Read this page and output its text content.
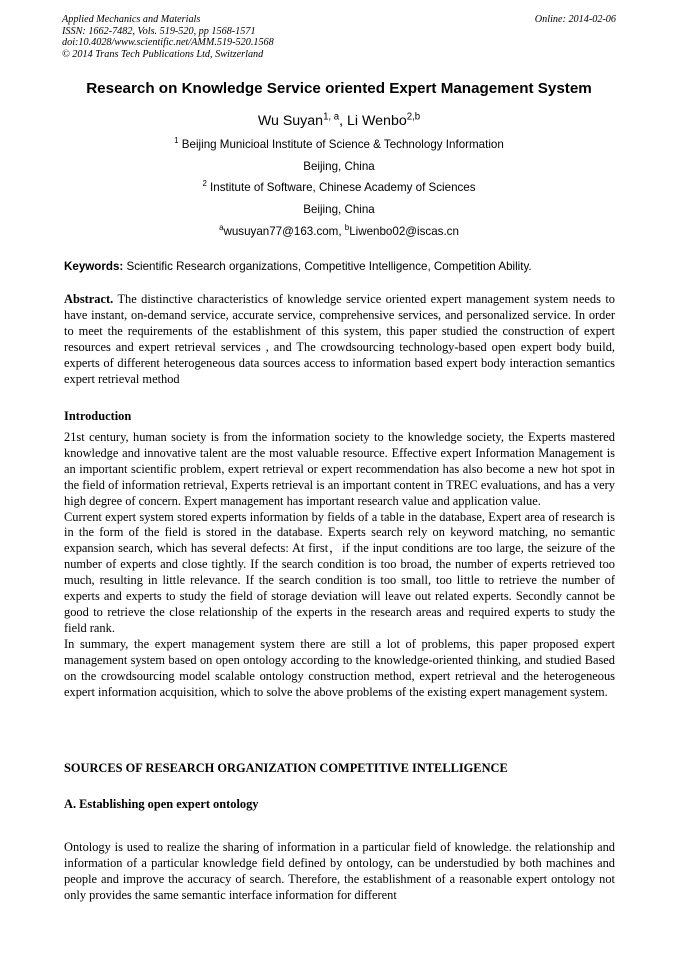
Applied Mechanics and Materials
ISSN: 1662-7482, Vols. 519-520, pp 1568-1571
doi:10.4028/www.scientific.net/AMM.519-520.1568
© 2014 Trans Tech Publications Ltd, Switzerland
Online: 2014-02-06
Research on Knowledge Service oriented Expert Management System
Wu Suyan$^{1, a}$, Li Wenbo$^{2,b}$
$^1$ Beijing Municioal Institute of Science & Technology Information
Beijing, China
$^2$ Institute of Software, Chinese Academy of Sciences
Beijing, China
$^a$wusuyan77@163.com, $^b$Liwenbo02@iscas.cn
Keywords: Scientific Research organizations, Competitive Intelligence, Competition Ability.

Abstract. The distinctive characteristics of knowledge service oriented expert management system needs to have instant, on-demand service, accurate service, comprehensive services, and personalized service. In order to meet the requirements of the establishment of this system, this paper studied the construction of expert resources and expert retrieval services , and The crowdsourcing technology-based open expert body build, experts of different heterogeneous data sources access to information based expert body interaction semantics expert retrieval method

Introduction

21st century, human society is from the information society to the knowledge society, the Experts mastered knowledge and innovative talent are the most valuable resource. Effective expert Information Management is an important scientific problem, expert retrieval or expert recommendation has also become a new hot spot in the field of information retrieval, Experts retrieval is an important content in TREC evaluations, and has a very high degree of concern. Expert management has important research value and application value.

Current expert system stored experts information by fields of a table in the database, Expert area of research is in the form of the field is stored in the database. Experts search rely on keyword matching, no semantic expansion search, which has several defects: At first，if the input conditions are too large, the seizure of the number of experts and close tightly. If the search condition is too broad, the number of experts retrieved too much, resulting in little relevance. If the search condition is too small, too little to retrieve the number of experts and experts to study the field of storage deviation will leave out related experts. Secondly cannot be good to retrieve the close relationship of the experts in the research areas and required experts to study the field rank.

In summary, the expert management system there are still a lot of problems, this paper proposed expert management system based on open ontology according to the knowledge-oriented thinking, and studied Based on the crowdsourcing model scalable ontology construction method, expert retrieval and the heterogeneous expert information acquisition, which to solve the above problems of the existing expert management system.

SOURCES OF RESEARCH ORGANIZATION COMPETITIVE INTELLIGENCE
A. Establishing open expert ontology

Ontology is used to realize the sharing of information in a particular field of knowledge. the relationship and information of a particular knowledge field defined by ontology, can be understudied by both machines and people and improve the accuracy of search. Therefore, the establishment of a reasonable expert ontology not only provides the same semantic interface information for different
